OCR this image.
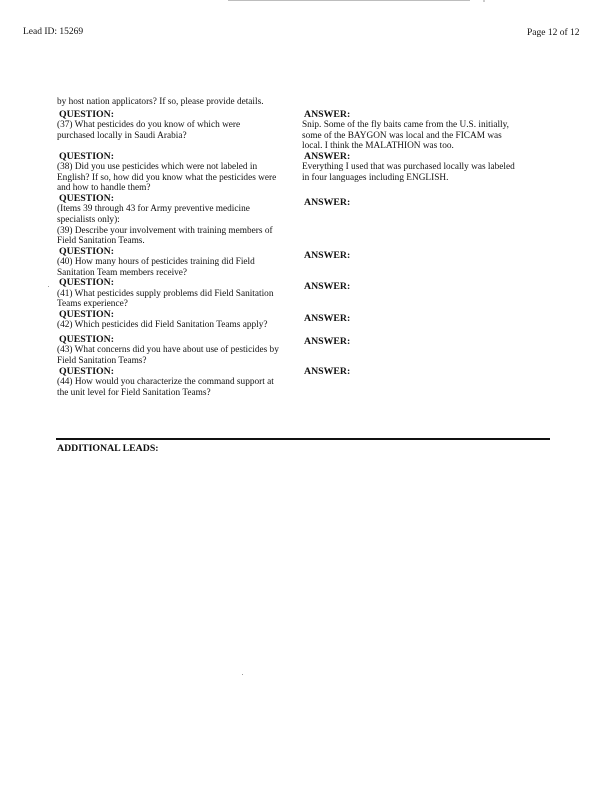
Lead ID: 15269	Page 12 of 12
by host nation applicators? If so, please provide details.
QUESTION:
(37) What pesticides do you know of which were
purchased locally in Saudi Arabia?
ANSWER:
Snip. Some of the fly baits came from the U.S. initially,
some of the BAYGON was local and the FICAM was
local. I think the MALATHION was too.
QUESTION:
(38) Did you use pesticides which were not labeled in
English? If so, how did you know what the pesticides were
and how to handle them?
ANSWER:
Everything I used that was purchased locally was labeled
in four languages including ENGLISH.
QUESTION:
(Items 39 through 43 for Army preventive medicine
specialists only):
(39) Describe your involvement with training members of
Field Sanitation Teams.
ANSWER:
QUESTION:
(40) How many hours of pesticides training did Field
Sanitation Team members receive?
ANSWER:
QUESTION:
(41) What pesticides supply problems did Field Sanitation
Teams experience?
ANSWER:
QUESTION:
(42) Which pesticides did Field Sanitation Teams apply?
ANSWER:
QUESTION:
(43) What concerns did you have about use of pesticides by
Field Sanitation Teams?
ANSWER:
QUESTION:
(44) How would you characterize the command support at
the unit level for Field Sanitation Teams?
ANSWER:
ADDITIONAL LEADS:
